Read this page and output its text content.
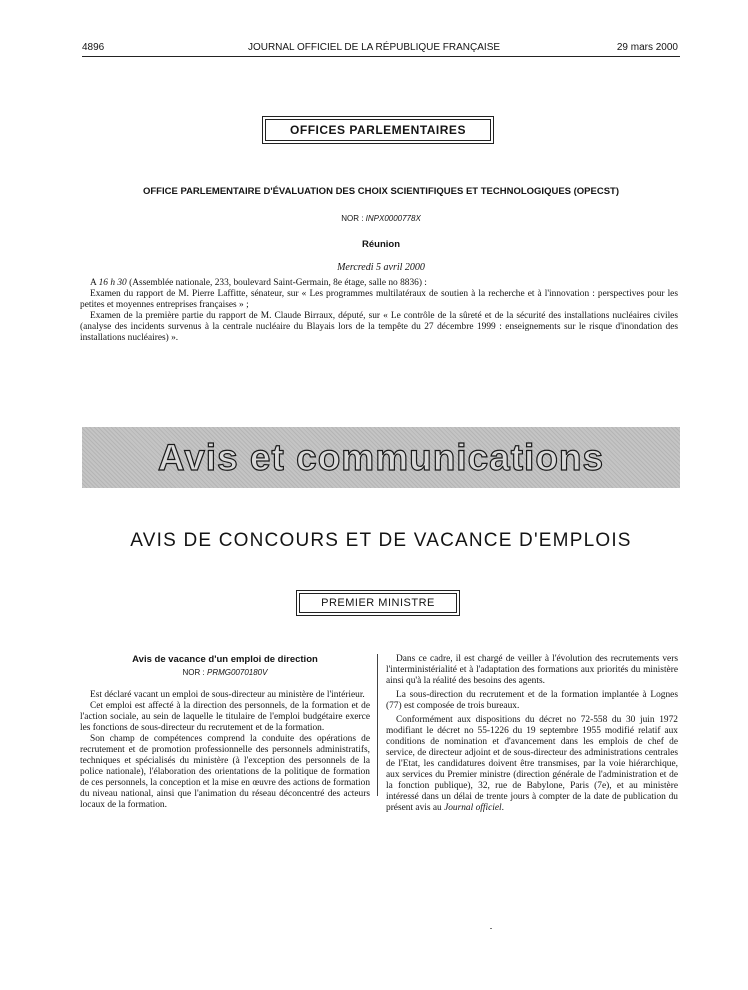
4896	JOURNAL OFFICIEL DE LA RÉPUBLIQUE FRANÇAISE	29 mars 2000
OFFICES PARLEMENTAIRES
OFFICE PARLEMENTAIRE D'ÉVALUATION DES CHOIX SCIENTIFIQUES ET TECHNOLOGIQUES (OPECST)
NOR : INPX0000778X
Réunion
Mercredi 5 avril 2000

A 16 h 30 (Assemblée nationale, 233, boulevard Saint-Germain, 8e étage, salle no 8836) :

Examen du rapport de M. Pierre Laffitte, sénateur, sur « Les programmes multilatéraux de soutien à la recherche et à l'innovation : perspectives pour les petites et moyennes entreprises françaises » ;

Examen de la première partie du rapport de M. Claude Birraux, député, sur « Le contrôle de la sûreté et de la sécurité des installations nucléaires civiles (analyse des incidents survenus à la centrale nucléaire du Blayais lors de la tempête du 27 décembre 1999 : enseignements sur le risque d'inondation des installations nucléaires) ».

Avis et communications
AVIS DE CONCOURS ET DE VACANCE D'EMPLOIS
PREMIER MINISTRE

Avis de vacance d'un emploi de direction

NOR : PRMG0070180V

Est déclaré vacant un emploi de sous-directeur au ministère de l'intérieur.

Cet emploi est affecté à la direction des personnels, de la formation et de l'action sociale, au sein de laquelle le titulaire de l'emploi budgétaire exerce les fonctions de sous-directeur du recrutement et de la formation.

Son champ de compétences comprend la conduite des opérations de recrutement et de promotion professionnelle des personnels administratifs, techniques et spécialisés du ministère (à l'exception des personnels de la police nationale), l'élaboration des orientations de la politique de formation de ces personnels, la conception et la mise en œuvre des actions de formation du niveau national, ainsi que l'animation du réseau déconcentré des acteurs locaux de la formation.

Dans ce cadre, il est chargé de veiller à l'évolution des recrutements vers l'interministérialité et à l'adaptation des formations aux priorités du ministère ainsi qu'à la réalité des besoins des agents.

La sous-direction du recrutement et de la formation implantée à Lognes (77) est composée de trois bureaux.

Conformément aux dispositions du décret no 72-558 du 30 juin 1972 modifiant le décret no 55-1226 du 19 septembre 1955 modifié relatif aux conditions de nomination et d'avancement dans les emplois de chef de service, de directeur adjoint et de sous-directeur des administrations centrales de l'Etat, les candidatures doivent être transmises, par la voie hiérarchique, aux services du Premier ministre (direction générale de l'administration et de la fonction publique), 32, rue de Babylone, Paris (7e), et au ministère intéressé dans un délai de trente jours à compter de la date de publication du présent avis au Journal officiel.
